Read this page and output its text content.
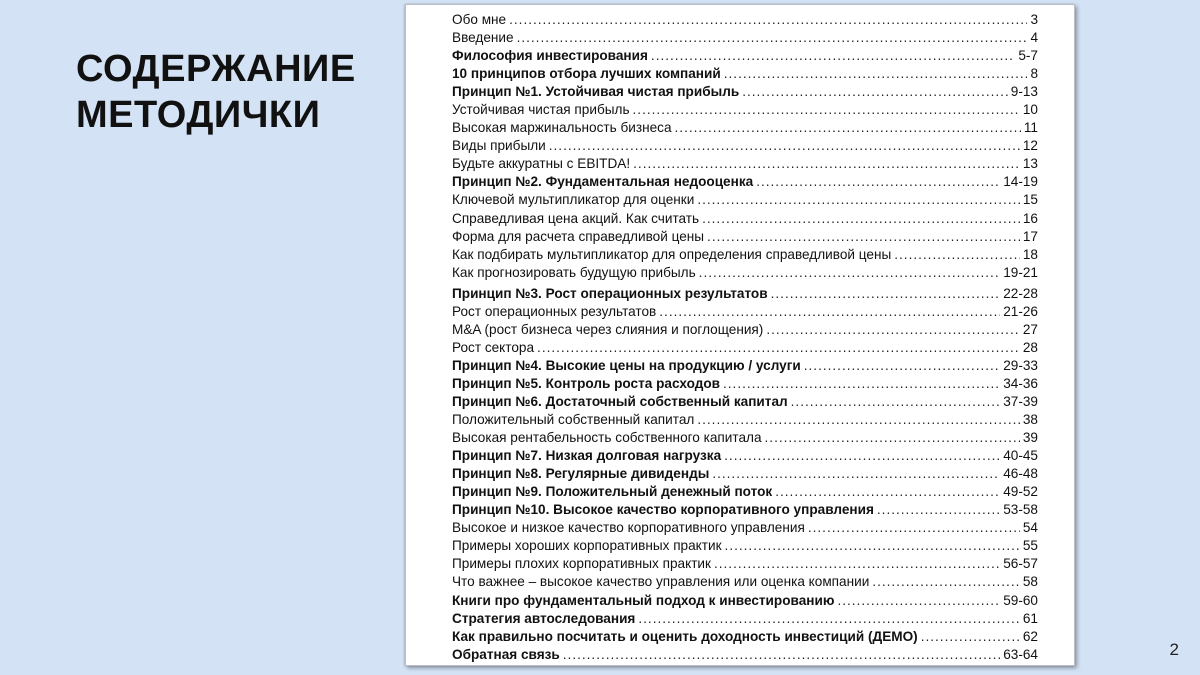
СОДЕРЖАНИЕ
МЕТОДИЧКИ
Обо мне .....	3
Введение .....	4
Философия инвестирования .....	5-7
10 принципов отбора лучших компаний .....	8
Принцип №1. Устойчивая чистая прибыль .....	9-13
Устойчивая чистая прибыль .....	10
Высокая маржинальность бизнеса .....	11
Виды прибыли .....	12
Будьте аккуратны с EBITDA! .....	13
Принцип №2. Фундаментальная недооценка .....	14-19
Ключевой мультипликатор для оценки .....	15
Справедливая цена акций. Как считать .....	16
Форма для расчета справедливой цены .....	17
Как подбирать мультипликатор для определения справедливой цены .....	18
Как прогнозировать будущую прибыль .....	19-21
Принцип №3. Рост операционных результатов .....	22-28
Рост операционных результатов .....	21-26
M&A (рост бизнеса через слияния и поглощения) .....	27
Рост сектора .....	28
Принцип №4. Высокие цены на продукцию / услуги .....	29-33
Принцип №5. Контроль роста расходов .....	34-36
Принцип №6. Достаточный собственный капитал .....	37-39
Положительный собственный капитал .....	38
Высокая рентабельность собственного капитала .....	39
Принцип №7. Низкая долговая нагрузка .....	40-45
Принцип №8. Регулярные дивиденды .....	46-48
Принцип №9. Положительный денежный поток .....	49-52
Принцип №10. Высокое качество корпоративного управления .....	53-58
Высокое и низкое качество корпоративного управления .....	54
Примеры хороших корпоративных практик .....	55
Примеры плохих корпоративных практик .....	56-57
Что важнее – высокое качество управления или оценка компании .....	58
Книги про фундаментальный подход к инвестированию .....	59-60
Стратегия автоследования .....	61
Как правильно посчитать и оценить доходность инвестиций (ДЕМО) .....	62
Обратная связь .....	63-64	2
